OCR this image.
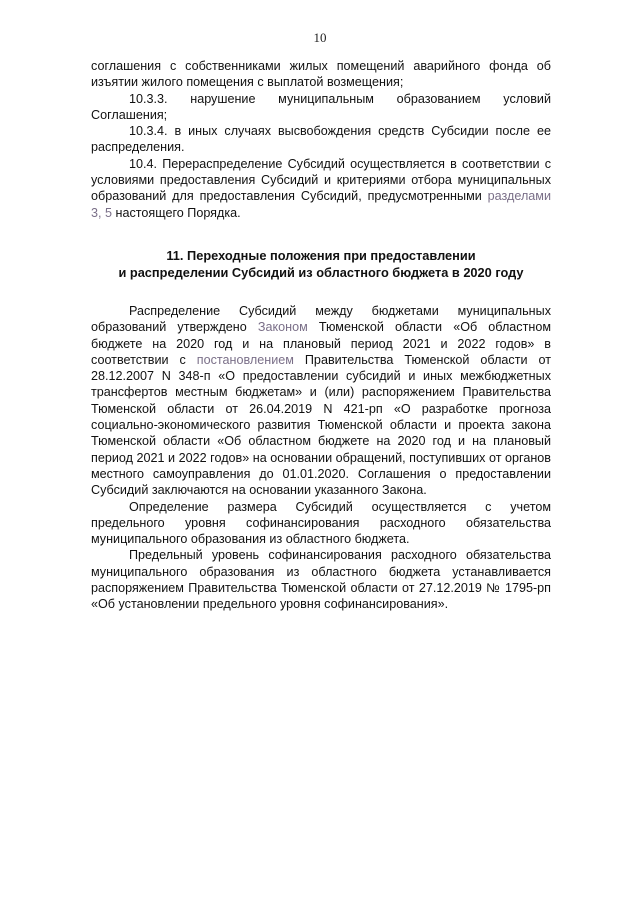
10

соглашения с собственниками жилых помещений аварийного фонда об изъятии жилого помещения с выплатой возмещения;

10.3.3. нарушение муниципальным образованием условий Соглашения;

10.3.4. в иных случаях высвобождения средств Субсидии после ее распределения.

10.4. Перераспределение Субсидий осуществляется в соответствии с условиями предоставления Субсидий и критериями отбора муниципальных образований для предоставления Субсидий, предусмотренными разделами 3, 5 настоящего Порядка.

11. Переходные положения при предоставлении
и распределении Субсидий из областного бюджета в 2020 году

Распределение Субсидий между бюджетами муниципальных образований утверждено Законом Тюменской области «Об областном бюджете на 2020 год и на плановый период 2021 и 2022 годов» в соответствии с постановлением Правительства Тюменской области от 28.12.2007 N 348-п «О предоставлении субсидий и иных межбюджетных трансфертов местным бюджетам» и (или) распоряжением Правительства Тюменской области от 26.04.2019 N 421-рп «О разработке прогноза социально-экономического развития Тюменской области и проекта закона Тюменской области «Об областном бюджете на 2020 год и на плановый период 2021 и 2022 годов» на основании обращений, поступивших от органов местного самоуправления до 01.01.2020. Соглашения о предоставлении Субсидий заключаются на основании указанного Закона.

Определение размера Субсидий осуществляется с учетом предельного уровня софинансирования расходного обязательства муниципального образования из областного бюджета.

Предельный уровень софинансирования расходного обязательства муниципального образования из областного бюджета устанавливается распоряжением Правительства Тюменской области от 27.12.2019 № 1795-рп «Об установлении предельного уровня софинансирования».
